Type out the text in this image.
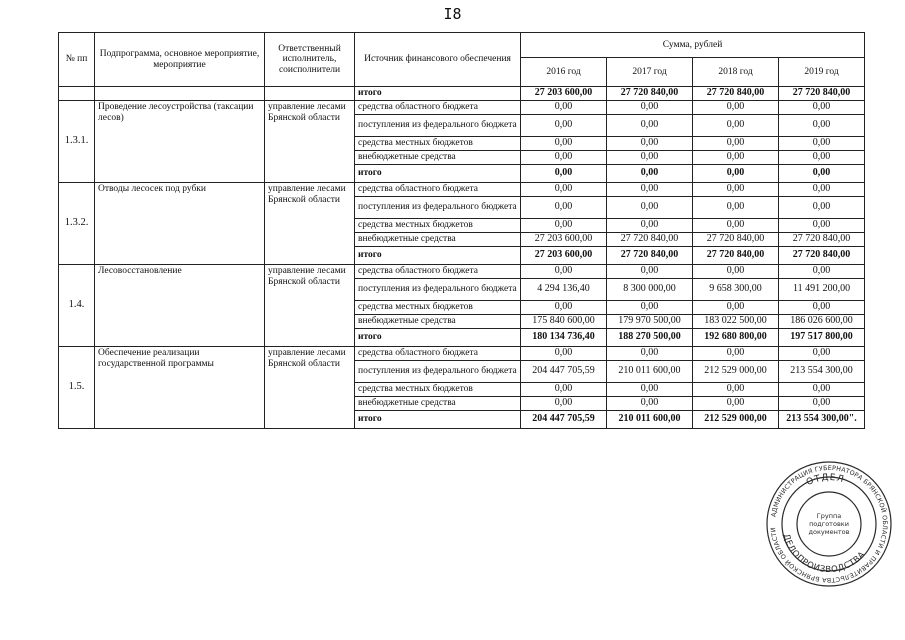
I8
№ пп	Подпрограмма, основное мероприятие, мероприятие	Ответственный исполнитель, соисполнители	Источник финансового обеспечения	Сумма, рублей			
				2016 год	2017 год	2018 год	2019 год
			итого	27 203 600,00	27 720 840,00	27 720 840,00	27 720 840,00
1.3.1.	Проведение лесоустройства (таксации лесов)	управление лесами Брянской области	средства областного бюджета	0,00	0,00	0,00	0,00
			поступления из федерального бюджета	0,00	0,00	0,00	0,00
			средства местных бюджетов	0,00	0,00	0,00	0,00
			внебюджетные средства	0,00	0,00	0,00	0,00
			итого	0,00	0,00	0,00	0,00
1.3.2.	Отводы лесосек под рубки	управление лесами Брянской области	средства областного бюджета	0,00	0,00	0,00	0,00
			поступления из федерального бюджета	0,00	0,00	0,00	0,00
			средства местных бюджетов	0,00	0,00	0,00	0,00
			внебюджетные средства	27 203 600,00	27 720 840,00	27 720 840,00	27 720 840,00
			итого	27 203 600,00	27 720 840,00	27 720 840,00	27 720 840,00
1.4.	Лесовосстановление	управление лесами Брянской области	средства областного бюджета	0,00	0,00	0,00	0,00
			поступления из федерального бюджета	4 294 136,40	8 300 000,00	9 658 300,00	11 491 200,00
			средства местных бюджетов	0,00	0,00	0,00	0,00
			внебюджетные средства	175 840 600,00	179 970 500,00	183 022 500,00	186 026 600,00
			итого	180 134 736,40	188 270 500,00	192 680 800,00	197 517 800,00
1.5.	Обеспечение реализации государственной программы	управление лесами Брянской области	средства областного бюджета	0,00	0,00	0,00	0,00
			поступления из федерального бюджета	204 447 705,59	210 011 600,00	212 529 000,00	213 554 300,00
			средства местных бюджетов	0,00	0,00	0,00	0,00
			внебюджетные средства	0,00	0,00	0,00	0,00
			итого	204 447 705,59	210 011 600,00	212 529 000,00	213 554 300,00".
АДМИНИСТРАЦИЯ ГУБЕРНАТОРА БРЯНСКОЙ ОБЛАСТИ И ПРАВИТЕЛЬСТВА БРЯНСКОЙ ОБЛАСТИ
ОТДЕЛ
ДЕЛОПРОИЗВОДСТВА
Группа
подготовки
документов
